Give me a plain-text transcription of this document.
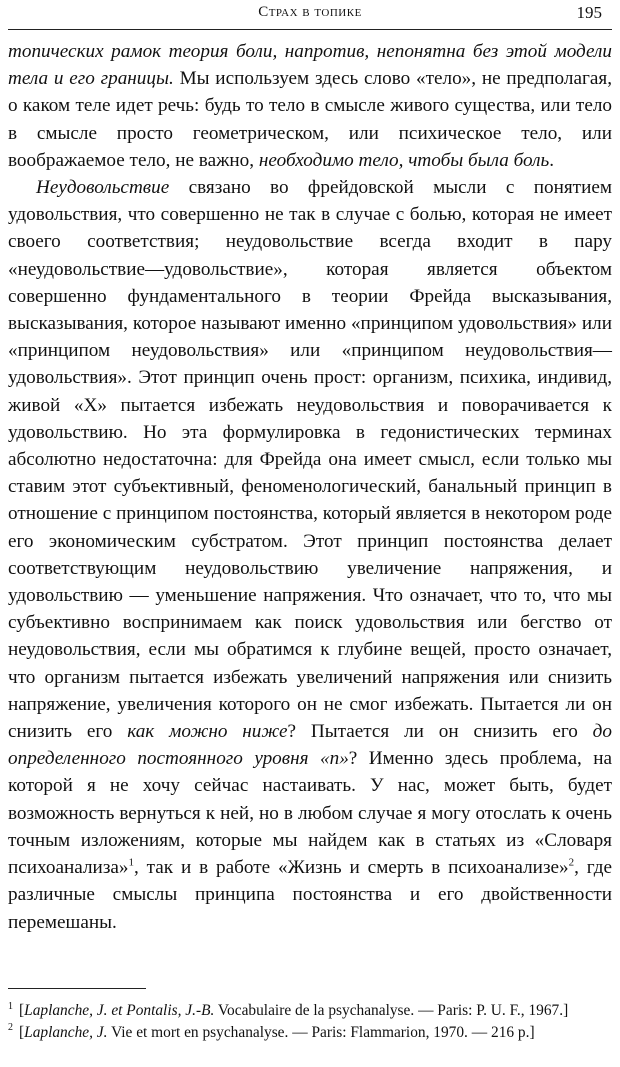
Страх в топике	195

топических рамок теория боли, напротив, непонятна без этой модели тела и его границы. Мы используем здесь слово «тело», не предполагая, о каком теле идет речь: будь то тело в смысле живого существа, или тело в смысле просто геометрическом, или психическое тело, или воображаемое тело, не важно, необходимо тело, чтобы была боль.

Неудовольствие связано во фрейдовской мысли с понятием удовольствия, что совершенно не так в случае с болью, которая не имеет своего соответствия; неудовольствие всегда входит в пару «неудовольствие—удовольствие», которая является объектом совершенно фундаментального в теории Фрейда высказывания, высказывания, которое называют именно «принципом удовольствия» или «принципом неудовольствия» или «принципом неудовольствия—удовольствия». Этот принцип очень прост: организм, психика, индивид, живой «X» пытается избежать неудовольствия и поворачивается к удовольствию. Но эта формулировка в гедонистических терминах абсолютно недостаточна: для Фрейда она имеет смысл, если только мы ставим этот субъективный, феноменологический, банальный принцип в отношение с принципом постоянства, который является в некотором роде его экономическим субстратом. Этот принцип постоянства делает соответствующим неудовольствию увеличение напряжения, и удовольствию — уменьшение напряжения. Что означает, что то, что мы субъективно воспринимаем как поиск удовольствия или бегство от неудовольствия, если мы обратимся к глубине вещей, просто означает, что организм пытается избежать увеличений напряжения или снизить напряжение, увеличения которого он не смог избежать. Пытается ли он снизить его как можно ниже? Пытается ли он снизить его до определенного постоянного уровня «п»? Именно здесь проблема, на которой я не хочу сейчас настаивать. У нас, может быть, будет возможность вернуться к ней, но в любом случае я могу отослать к очень точным изложениям, которые мы найдем как в статьях из «Словаря психоанализа»$^1$, так и в работе «Жизнь и смерть в психоанализе»$^2$, где различные смыслы принципа постоянства и его двойственности перемешаны.

$^1$ [Laplanche, J. et Pontalis, J.-B. Vocabulaire de la psychanalyse. — Paris: P. U. F., 1967.]

$^2$ [Laplanche, J. Vie et mort en psychanalyse. — Paris: Flammarion, 1970. — 216 p.]
